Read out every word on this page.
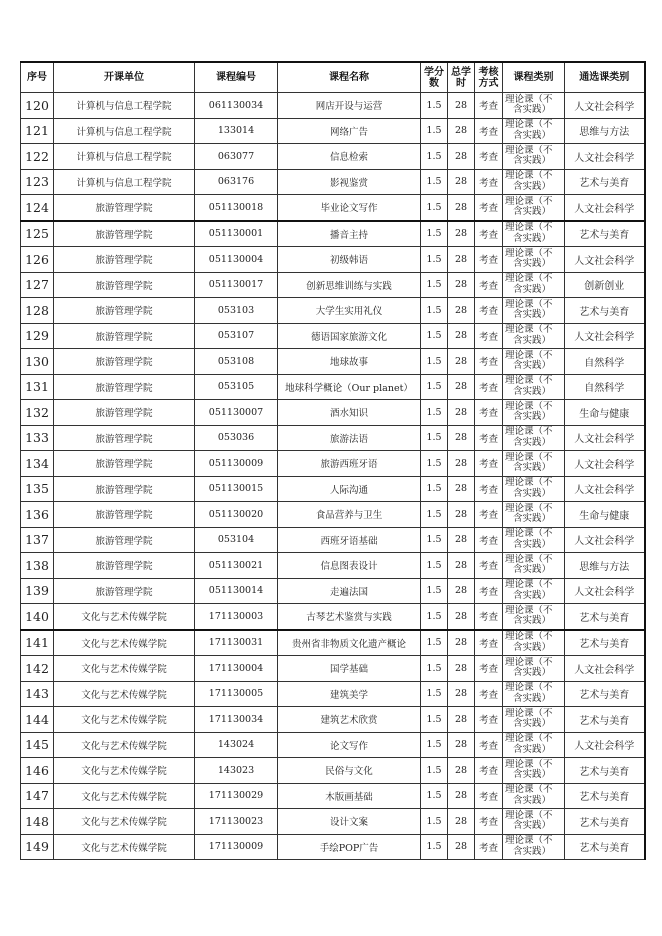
序号	开课单位	课程编号	课程名称	学分数	总学时	考核方式	课程类别	通选课类别
120	计算机与信息工程学院	061130034	网店开设与运营	1.5	28	考查	理论课（不
含实践）	人文社会科学
121	计算机与信息工程学院	133014	网络广告	1.5	28	考查	理论课（不
含实践）	思维与方法
122	计算机与信息工程学院	063077	信息检索	1.5	28	考查	理论课（不
含实践）	人文社会科学
123	计算机与信息工程学院	063176	影视鉴赏	1.5	28	考查	理论课（不
含实践）	艺术与美育
124	旅游管理学院	051130018	毕业论文写作	1.5	28	考查	理论课（不
含实践）	人文社会科学
125	旅游管理学院	051130001	播音主持	1.5	28	考查	理论课（不
含实践）	艺术与美育
126	旅游管理学院	051130004	初级韩语	1.5	28	考查	理论课（不
含实践）	人文社会科学
127	旅游管理学院	051130017	创新思维训练与实践	1.5	28	考查	理论课（不
含实践）	创新创业
128	旅游管理学院	053103	大学生实用礼仪	1.5	28	考查	理论课（不
含实践）	艺术与美育
129	旅游管理学院	053107	德语国家旅游文化	1.5	28	考查	理论课（不
含实践）	人文社会科学
130	旅游管理学院	053108	地球故事	1.5	28	考查	理论课（不
含实践）	自然科学
131	旅游管理学院	053105	地球科学概论（Our planet）	1.5	28	考查	理论课（不
含实践）	自然科学
132	旅游管理学院	051130007	酒水知识	1.5	28	考查	理论课（不
含实践）	生命与健康
133	旅游管理学院	053036	旅游法语	1.5	28	考查	理论课（不
含实践）	人文社会科学
134	旅游管理学院	051130009	旅游西班牙语	1.5	28	考查	理论课（不
含实践）	人文社会科学
135	旅游管理学院	051130015	人际沟通	1.5	28	考查	理论课（不
含实践）	人文社会科学
136	旅游管理学院	051130020	食品营养与卫生	1.5	28	考查	理论课（不
含实践）	生命与健康
137	旅游管理学院	053104	西班牙语基础	1.5	28	考查	理论课（不
含实践）	人文社会科学
138	旅游管理学院	051130021	信息图表设计	1.5	28	考查	理论课（不
含实践）	思维与方法
139	旅游管理学院	051130014	走遍法国	1.5	28	考查	理论课（不
含实践）	人文社会科学
140	文化与艺术传媒学院	171130003	古琴艺术鉴赏与实践	1.5	28	考查	理论课（不
含实践）	艺术与美育
141	文化与艺术传媒学院	171130031	贵州省非物质文化遗产概论	1.5	28	考查	理论课（不
含实践）	艺术与美育
142	文化与艺术传媒学院	171130004	国学基础	1.5	28	考查	理论课（不
含实践）	人文社会科学
143	文化与艺术传媒学院	171130005	建筑美学	1.5	28	考查	理论课（不
含实践）	艺术与美育
144	文化与艺术传媒学院	171130034	建筑艺术欣赏	1.5	28	考查	理论课（不
含实践）	艺术与美育
145	文化与艺术传媒学院	143024	论文写作	1.5	28	考查	理论课（不
含实践）	人文社会科学
146	文化与艺术传媒学院	143023	民俗与文化	1.5	28	考查	理论课（不
含实践）	艺术与美育
147	文化与艺术传媒学院	171130029	木版画基础	1.5	28	考查	理论课（不
含实践）	艺术与美育
148	文化与艺术传媒学院	171130023	设计文案	1.5	28	考查	理论课（不
含实践）	艺术与美育
149	文化与艺术传媒学院	171130009	手绘POP广告	1.5	28	考查	理论课（不
含实践）	艺术与美育
